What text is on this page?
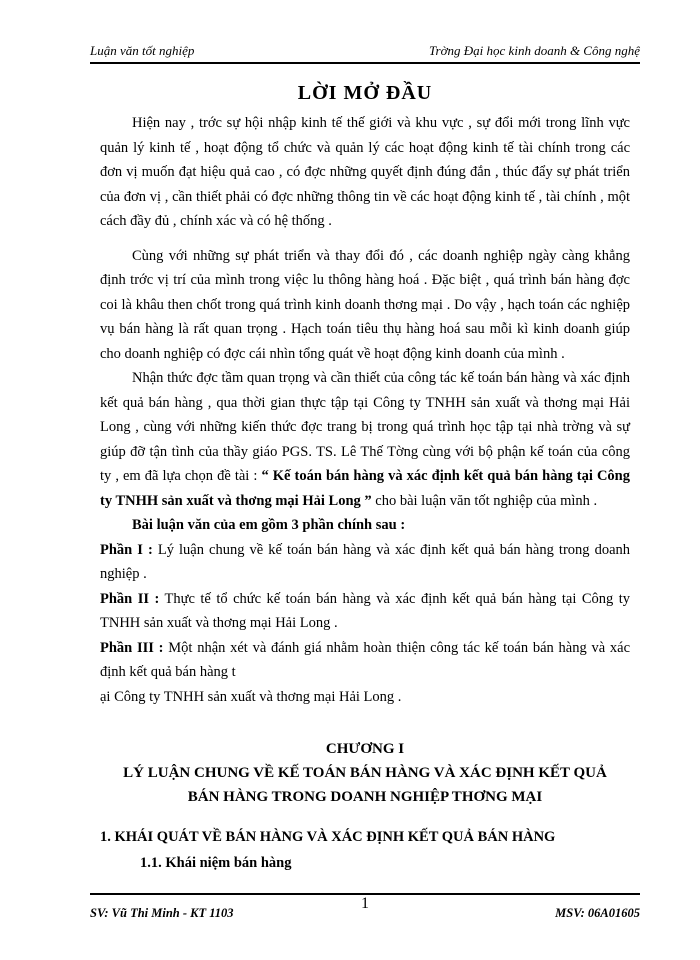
Luận văn tốt nghiệp	Trờng Đại học kinh doanh & Công nghệ
LỜI MỞ ĐẦU

Hiện nay , trớc sự hội nhập kinh tế thế giới và khu vực , sự đổi mới trong lĩnh vực quản lý kinh tế , hoạt động tổ chức và quản lý các hoạt động kinh tế tài chính trong các đơn vị muốn đạt hiệu quả cao , có đợc những quyết định đúng đắn , thúc đẩy sự phát triển của đơn vị , cần thiết phải có đợc những thông tin về các hoạt động kinh tế , tài chính , một cách đầy đủ , chính xác và có hệ thống .

Cùng với những sự phát triển và thay đổi đó , các doanh nghiệp ngày càng khẳng định trớc vị trí của mình trong việc lu thông hàng hoá . Đặc biệt , quá trình bán hàng đợc coi là khâu then chốt trong quá trình kinh doanh thơng mại . Do vậy , hạch toán các nghiệp vụ bán hàng là rất quan trọng . Hạch toán tiêu thụ hàng hoá sau mỗi kì kinh doanh giúp cho doanh nghiệp có đợc cái nhìn tổng quát về hoạt động kinh doanh của mình .

Nhận thức đợc tầm quan trọng và cần thiết của công tác kế toán bán hàng và xác định kết quả bán hàng , qua thời gian thực tập tại Công ty TNHH sản xuất và thơng mại Hải Long , cùng với những kiến thức đợc trang bị trong quá trình học tập tại nhà trờng và sự giúp đỡ tận tình của thầy giáo PGS. TS. Lê Thế Tờng cùng với bộ phận kế toán của công ty , em đã lựa chọn đề tài : “ Kế toán bán hàng và xác định kết quả bán hàng tại Công ty TNHH sản xuất và thơng mại Hải Long ” cho bài luận văn tốt nghiệp của mình .

Bài luận văn của em gồm 3 phần chính sau :

Phần I : Lý luận chung về kế toán bán hàng và xác định kết quả bán hàng trong doanh nghiệp .

Phần II : Thực tế tổ chức kế toán bán hàng và xác định kết quả bán hàng tại Công ty TNHH sản xuất và thơng mại Hải Long .

Phần III : Một nhận xét và đánh giá nhằm hoàn thiện công tác kế toán bán hàng và xác định kết quả bán hàng t

ại Công ty TNHH sản xuất và thơng mại Hải Long .

CHƯƠNG I
LÝ LUẬN CHUNG VỀ KẾ TOÁN BÁN HÀNG VÀ XÁC ĐỊNH KẾT QUẢ
BÁN HÀNG TRONG DOANH NGHIỆP THƠNG MẠI
1. KHÁI QUÁT VỀ BÁN HÀNG VÀ XÁC ĐỊNH KẾT QUẢ BÁN HÀNG
1.1. Khái niệm bán hàng
SV: Vũ Thi Minh - KT 1103
1
MSV: 06A01605
